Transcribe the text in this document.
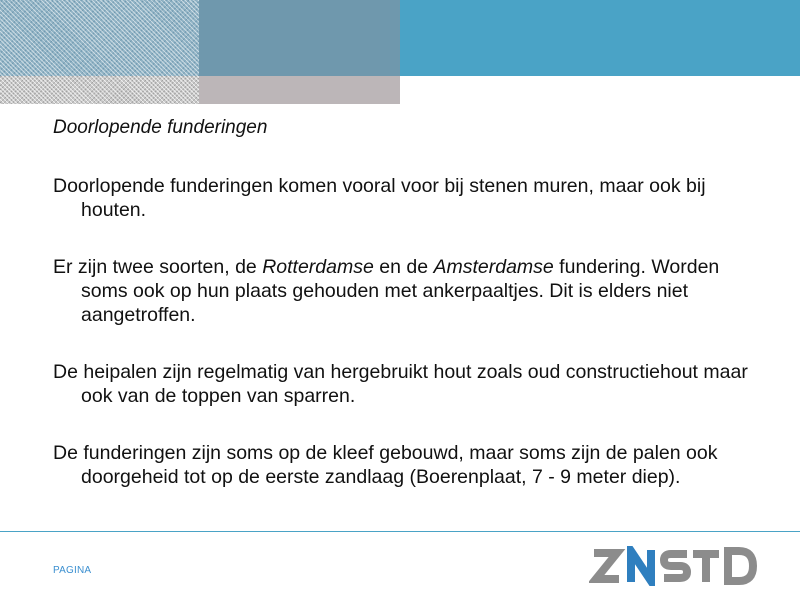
Doorlopende funderingen

Doorlopende funderingen komen vooral voor bij stenen muren, maar ook bij houten.

Er zijn twee soorten, de Rotterdamse en de Amsterdamse fundering. Worden soms ook op hun plaats gehouden met ankerpaaltjes. Dit is elders niet aangetroffen.

De heipalen zijn regelmatig van hergebruikt hout zoals oud constructiehout maar ook van de toppen van sparren.

De funderingen zijn soms op de kleef gebouwd, maar soms zijn de palen ook doorgeheid tot op de eerste zandlaag (Boerenplaat, 7 - 9 meter diep).

PAGINA
